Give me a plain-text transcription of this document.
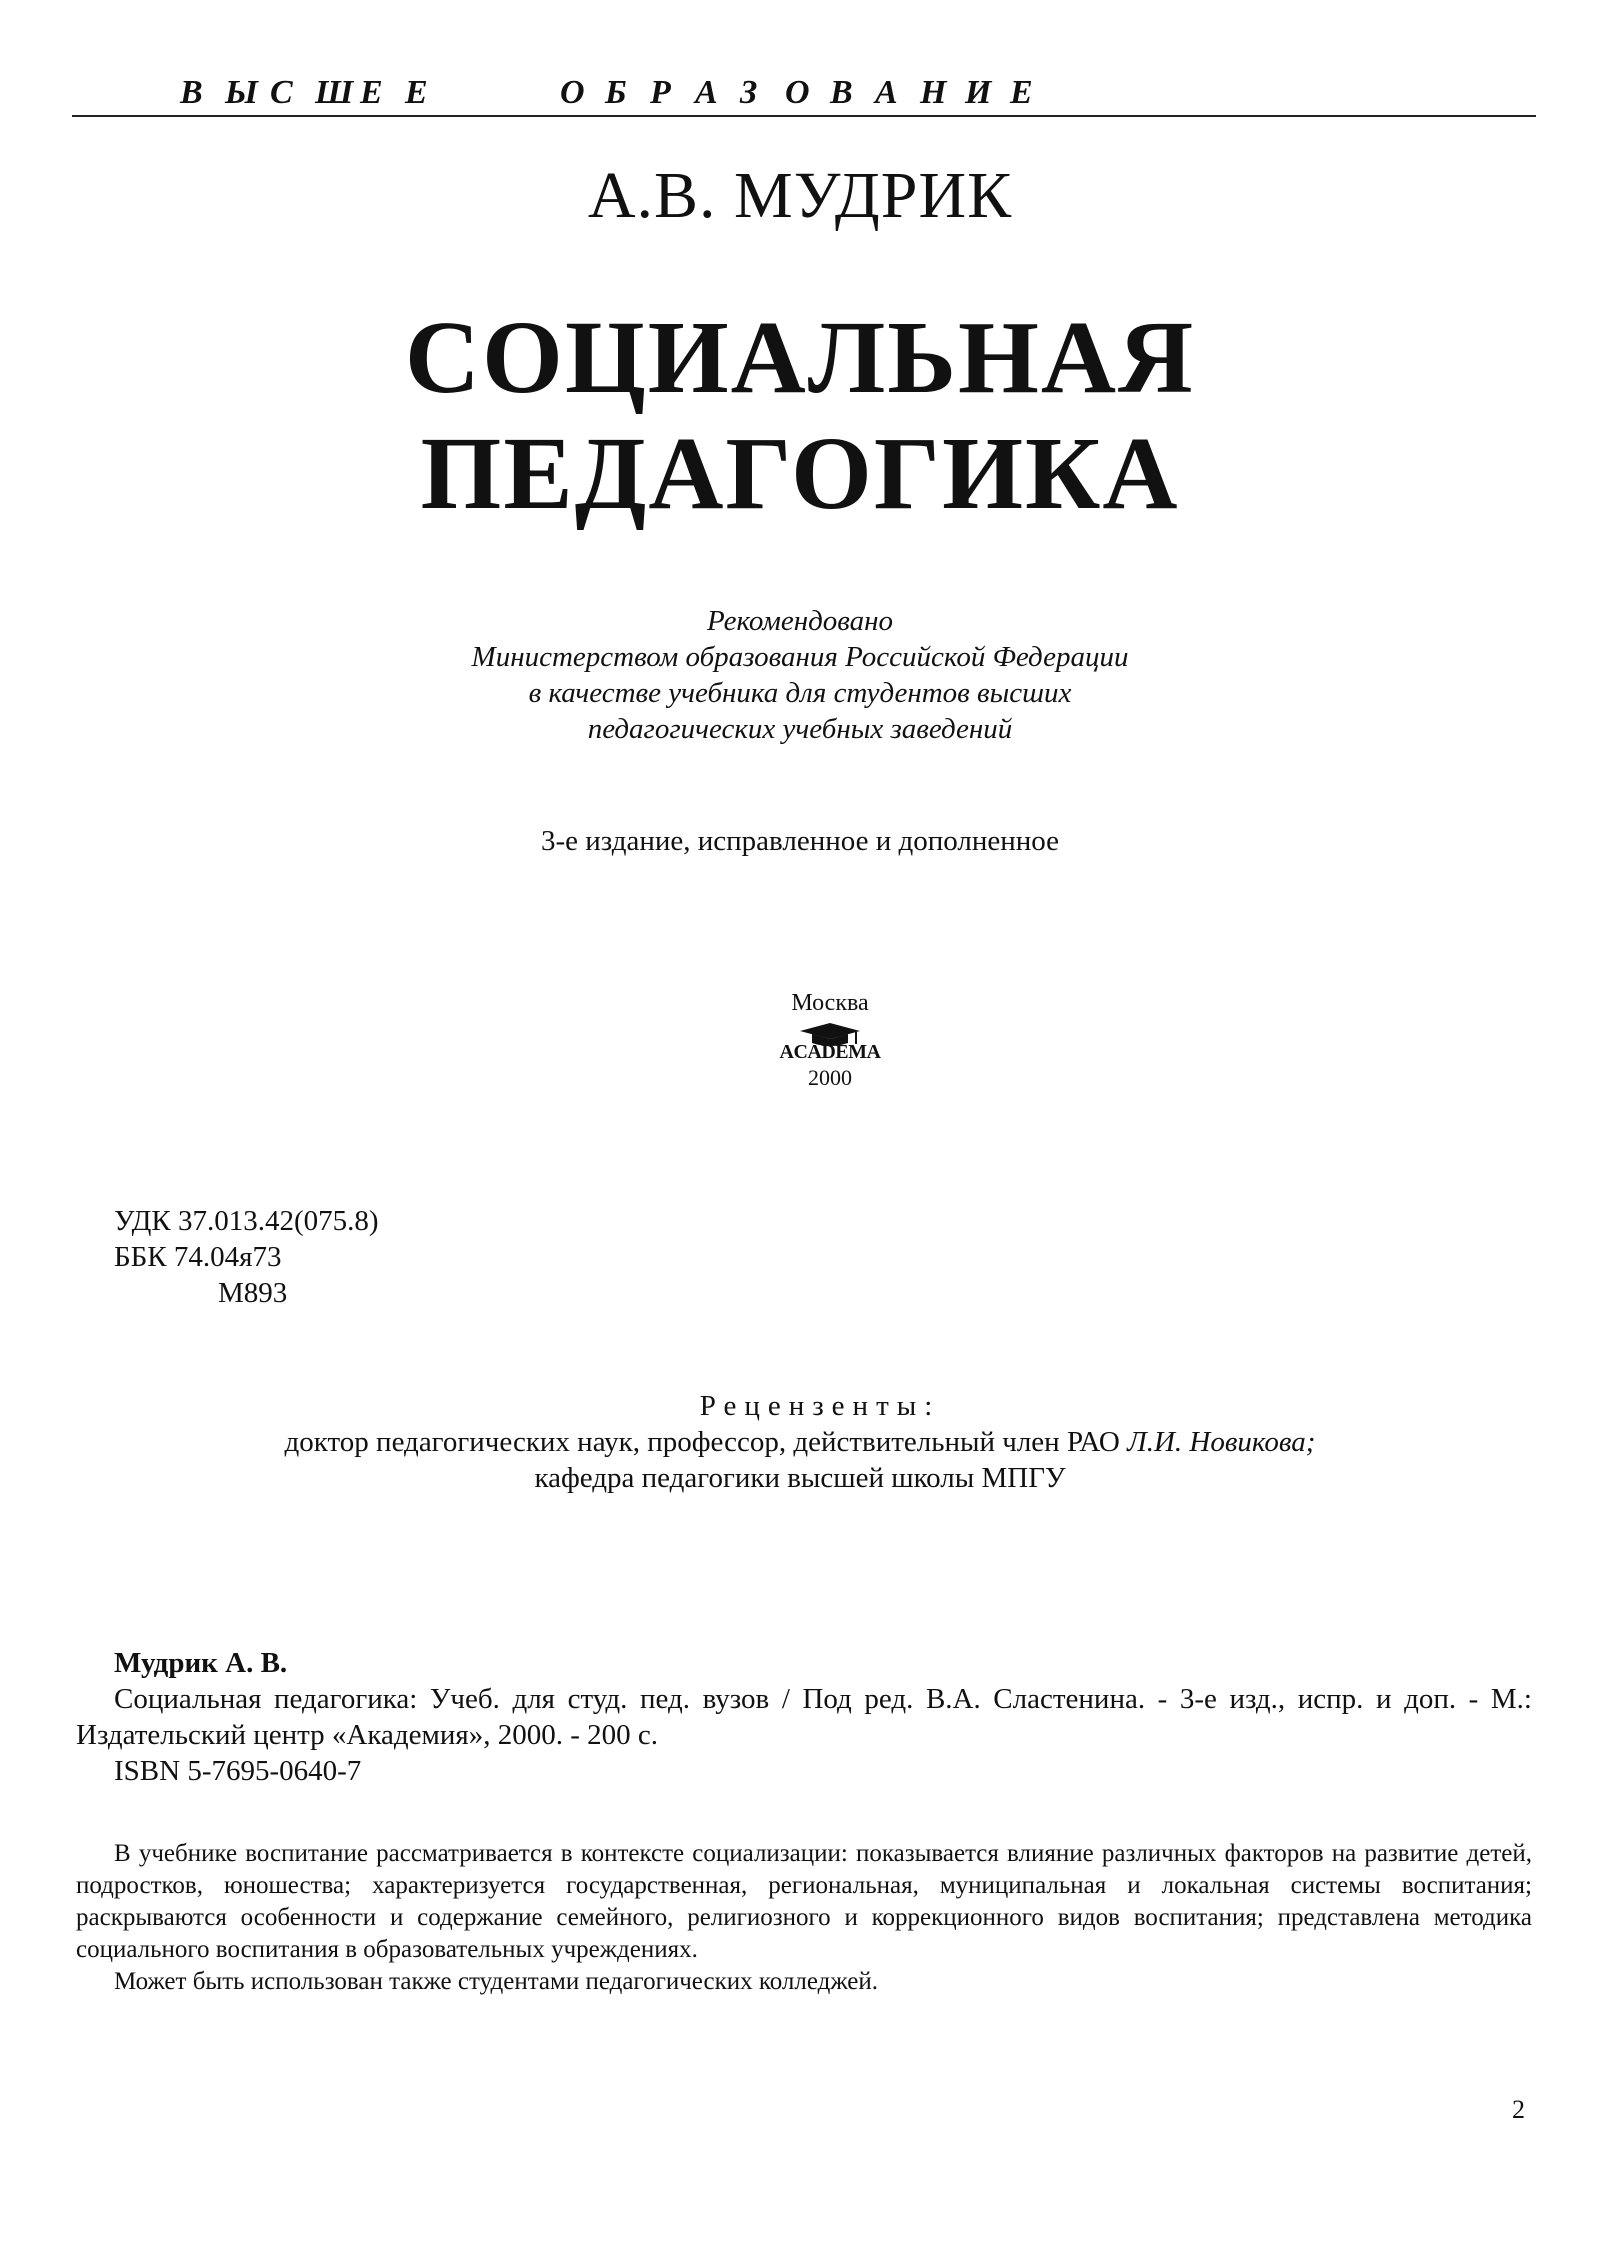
В Ы С Ш Е Е	О Б Р А З О В А Н И Е
А.В. МУДРИК
СОЦИАЛЬНАЯ
ПЕДАГОГИКА
Рекомендовано
Министерством образования Российской Федерации
в качестве учебника для студентов высших
педагогических учебных заведений
3-е издание, исправленное и дополненное
Москва
ACADEMA
2000
УДК 37.013.42(075.8)
ББК 74.04я73
М893
Рецензенты:
доктор педагогических наук, профессор, действительный член РАО Л.И. Новикова;
кафедра педагогики высшей школы МПГУ

Мудрик А. В.

Социальная педагогика: Учеб. для студ. пед. вузов / Под ред. В.А. Сластенина. - 3-е изд., испр. и доп. - М.: Издательский центр «Академия», 2000. - 200 с.

ISBN 5-7695-0640-7

В учебнике воспитание рассматривается в контексте социализации: показывается влияние различных факторов на развитие детей, подростков, юношества; характеризуется государственная, региональная, муниципальная и локальная системы воспитания; раскрываются особенности и содержание семейного, религиозного и коррекционного видов воспитания; представлена методика социального воспитания в образовательных учреждениях.

Может быть использован также студентами педагогических колледжей.

2
